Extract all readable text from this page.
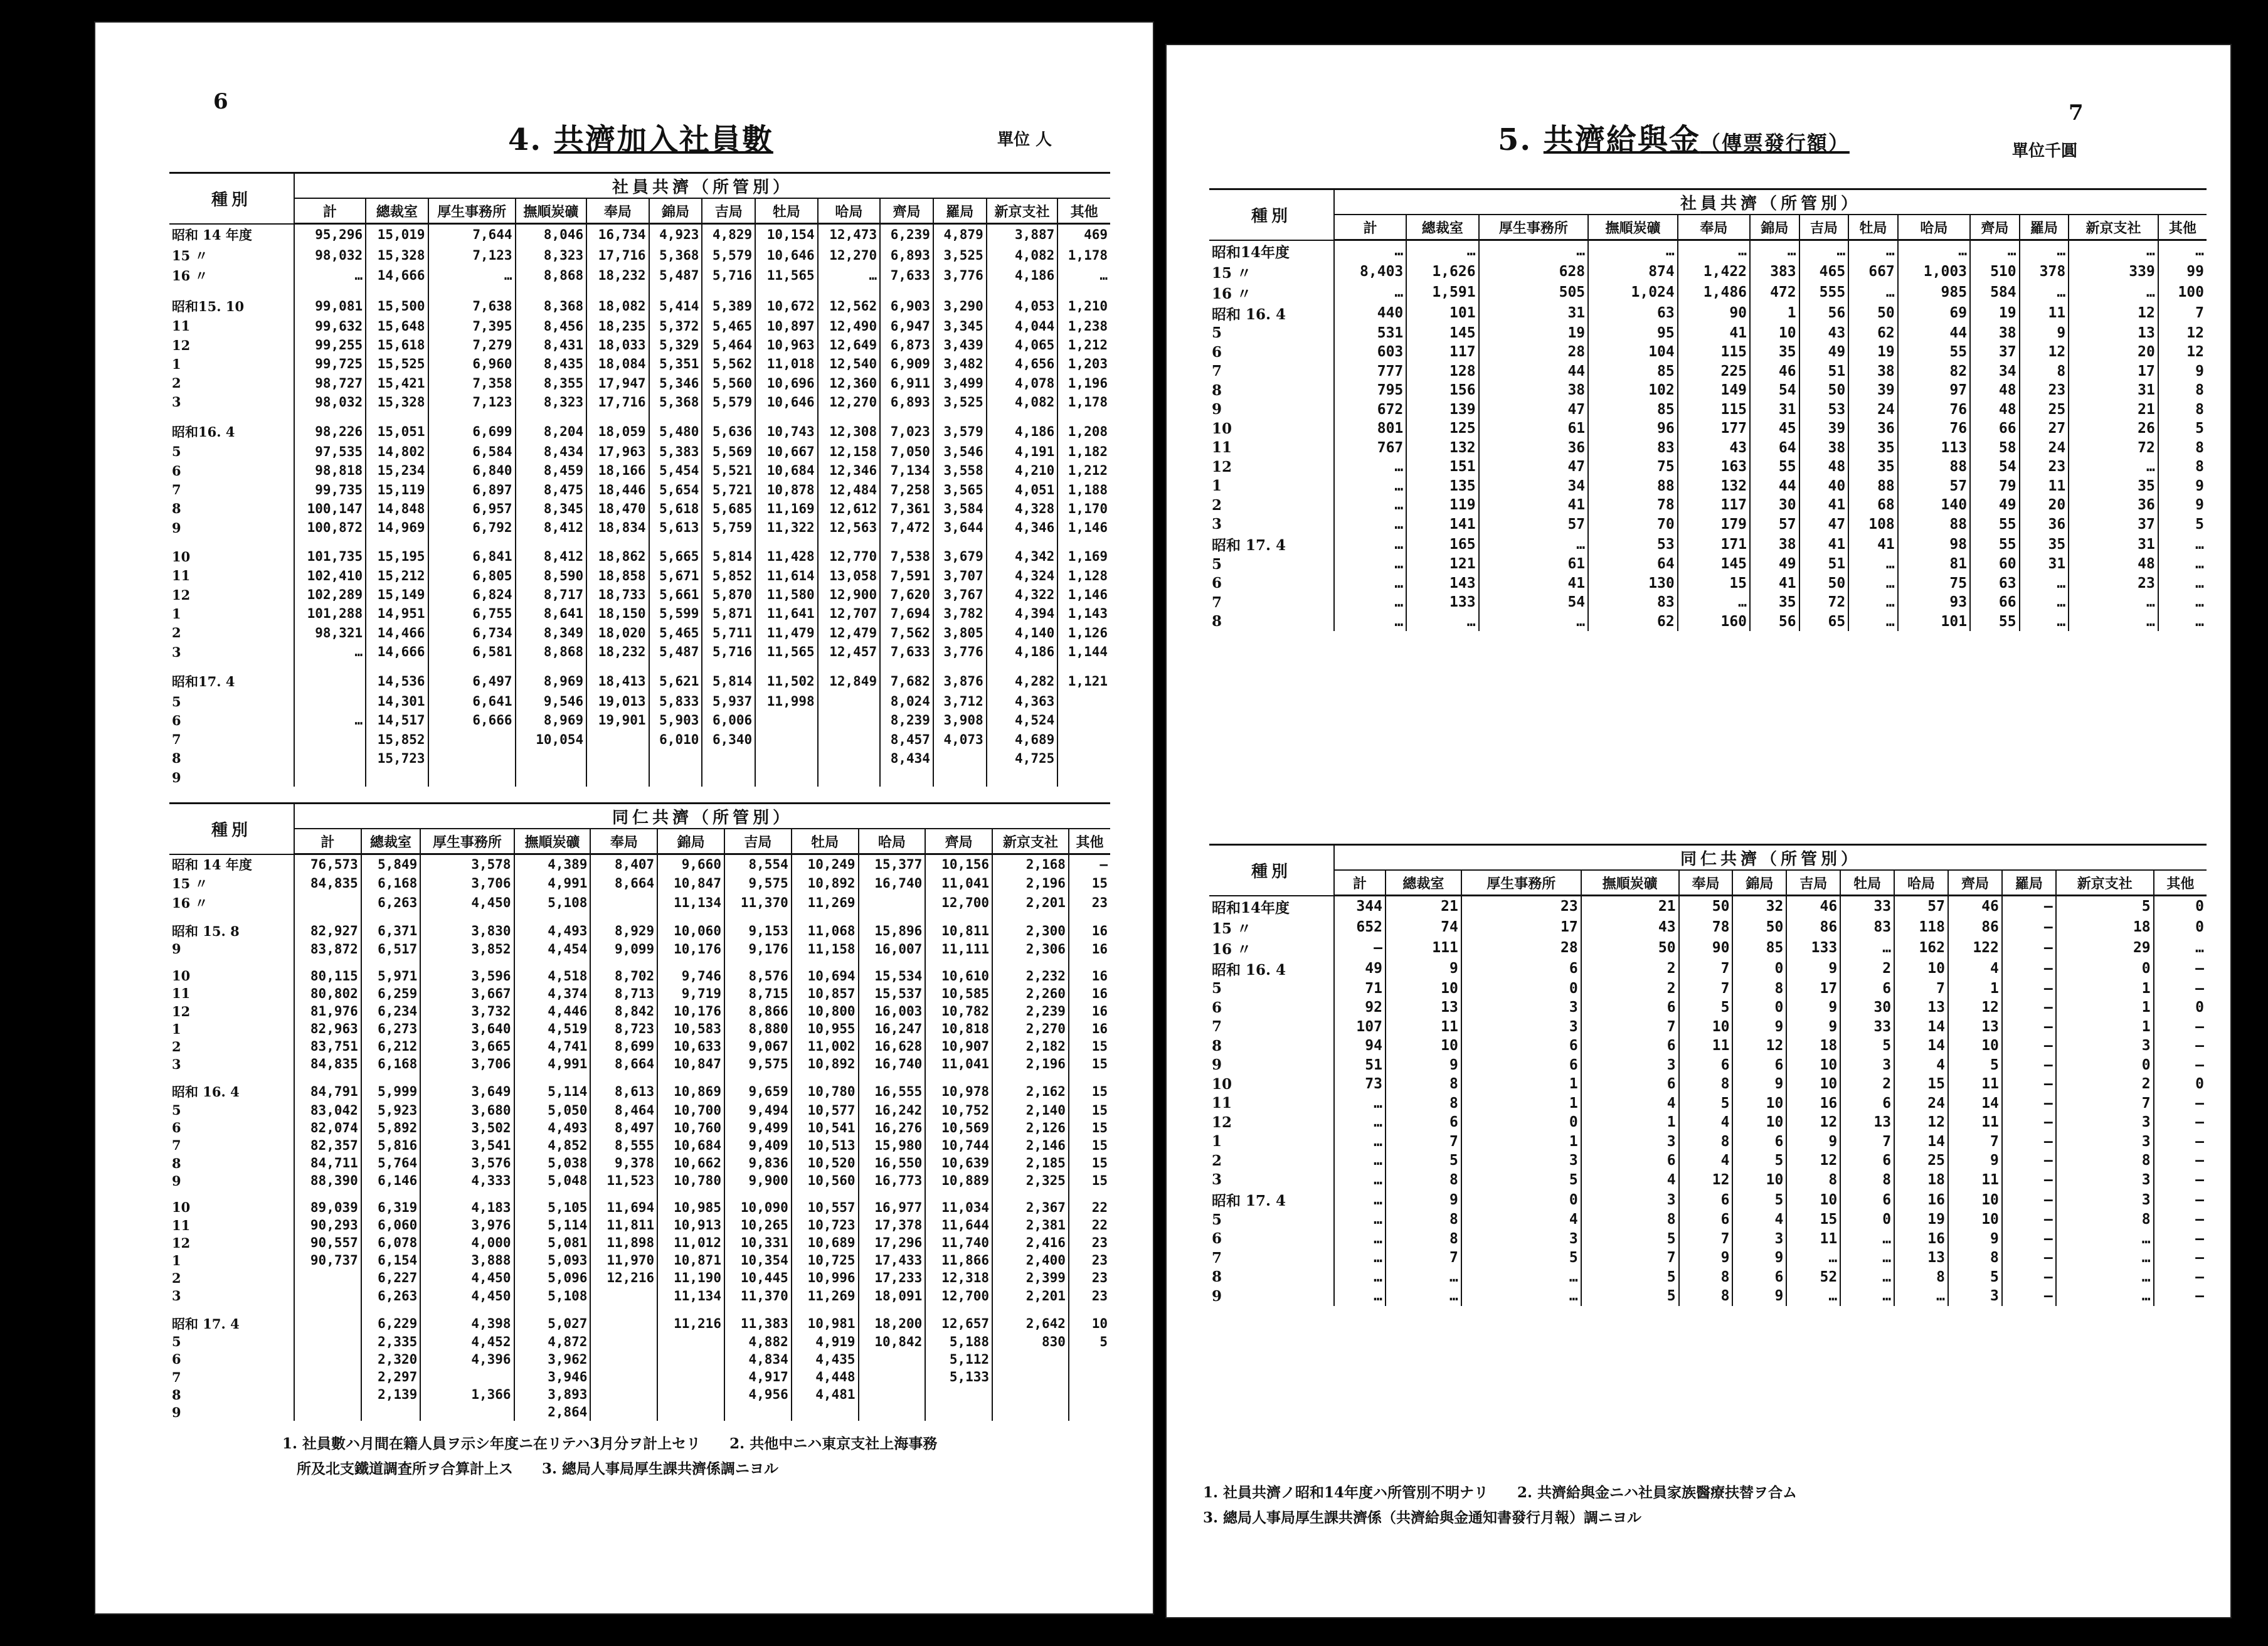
6
4. 共濟加入社員數	單位 人
種別	社員共濟（所管別）												
	計	總裁室	厚生事務所	撫順炭礦	奉局	錦局	吉局	牡局	哈局	齊局	羅局	新京支社	其他
昭和 14 年度	95,296	15,019	7,644	8,046	16,734	4,923	4,829	10,154	12,473	6,239	4,879	3,887	469
15 〃	98,032	15,328	7,123	8,323	17,716	5,368	5,579	10,646	12,270	6,893	3,525	4,082	1,178
16 〃	…	14,666	…	8,868	18,232	5,487	5,716	11,565	…	7,633	3,776	4,186	…

昭和15. 10	99,081	15,500	7,638	8,368	18,082	5,414	5,389	10,672	12,562	6,903	3,290	4,053	1,210
11	99,632	15,648	7,395	8,456	18,235	5,372	5,465	10,897	12,490	6,947	3,345	4,044	1,238
12	99,255	15,618	7,279	8,431	18,033	5,329	5,464	10,963	12,649	6,873	3,439	4,065	1,212
1	99,725	15,525	6,960	8,435	18,084	5,351	5,562	11,018	12,540	6,909	3,482	4,656	1,203
2	98,727	15,421	7,358	8,355	17,947	5,346	5,560	10,696	12,360	6,911	3,499	4,078	1,196
3	98,032	15,328	7,123	8,323	17,716	5,368	5,579	10,646	12,270	6,893	3,525	4,082	1,178

昭和16. 4	98,226	15,051	6,699	8,204	18,059	5,480	5,636	10,743	12,308	7,023	3,579	4,186	1,208
5	97,535	14,802	6,584	8,434	17,963	5,383	5,569	10,667	12,158	7,050	3,546	4,191	1,182
6	98,818	15,234	6,840	8,459	18,166	5,454	5,521	10,684	12,346	7,134	3,558	4,210	1,212
7	99,735	15,119	6,897	8,475	18,446	5,654	5,721	10,878	12,484	7,258	3,565	4,051	1,188
8	100,147	14,848	6,957	8,345	18,470	5,618	5,685	11,169	12,612	7,361	3,584	4,328	1,170
9	100,872	14,969	6,792	8,412	18,834	5,613	5,759	11,322	12,563	7,472	3,644	4,346	1,146

10	101,735	15,195	6,841	8,412	18,862	5,665	5,814	11,428	12,770	7,538	3,679	4,342	1,169
11	102,410	15,212	6,805	8,590	18,858	5,671	5,852	11,614	13,058	7,591	3,707	4,324	1,128
12	102,289	15,149	6,824	8,717	18,733	5,661	5,870	11,580	12,900	7,620	3,767	4,322	1,146
1	101,288	14,951	6,755	8,641	18,150	5,599	5,871	11,641	12,707	7,694	3,782	4,394	1,143
2	98,321	14,466	6,734	8,349	18,020	5,465	5,711	11,479	12,479	7,562	3,805	4,140	1,126
3	…	14,666	6,581	8,868	18,232	5,487	5,716	11,565	12,457	7,633	3,776	4,186	1,144

昭和17. 4		14,536	6,497	8,969	18,413	5,621	5,814	11,502	12,849	7,682	3,876	4,282	1,121
5		14,301	6,641	9,546	19,013	5,833	5,937	11,998		8,024	3,712	4,363	
6	…	14,517	6,666	8,969	19,901	5,903	6,006			8,239	3,908	4,524	
7		15,852		10,054		6,010	6,340			8,457	4,073	4,689	
8		15,723								8,434		4,725	
9													
種別	同仁共濟（所管別）											
	計	總裁室	厚生事務所	撫順炭礦	奉局	錦局	吉局	牡局	哈局	齊局	新京支社	其他
昭和 14 年度	76,573	5,849	3,578	4,389	8,407	9,660	8,554	10,249	15,377	10,156	2,168	—
15 〃	84,835	6,168	3,706	4,991	8,664	10,847	9,575	10,892	16,740	11,041	2,196	15
16 〃		6,263	4,450	5,108		11,134	11,370	11,269		12,700	2,201	23

昭和 15. 8	82,927	6,371	3,830	4,493	8,929	10,060	9,153	11,068	15,896	10,811	2,300	16
9	83,872	6,517	3,852	4,454	9,099	10,176	9,176	11,158	16,007	11,111	2,306	16

10	80,115	5,971	3,596	4,518	8,702	9,746	8,576	10,694	15,534	10,610	2,232	16
11	80,802	6,259	3,667	4,374	8,713	9,719	8,715	10,857	15,537	10,585	2,260	16
12	81,976	6,234	3,732	4,446	8,842	10,176	8,866	10,800	16,003	10,782	2,239	16
1	82,963	6,273	3,640	4,519	8,723	10,583	8,880	10,955	16,247	10,818	2,270	16
2	83,751	6,212	3,665	4,741	8,699	10,633	9,067	11,002	16,628	10,907	2,182	15
3	84,835	6,168	3,706	4,991	8,664	10,847	9,575	10,892	16,740	11,041	2,196	15

昭和 16. 4	84,791	5,999	3,649	5,114	8,613	10,869	9,659	10,780	16,555	10,978	2,162	15
5	83,042	5,923	3,680	5,050	8,464	10,700	9,494	10,577	16,242	10,752	2,140	15
6	82,074	5,892	3,502	4,493	8,497	10,760	9,499	10,541	16,276	10,569	2,126	15
7	82,357	5,816	3,541	4,852	8,555	10,684	9,409	10,513	15,980	10,744	2,146	15
8	84,711	5,764	3,576	5,038	9,378	10,662	9,836	10,520	16,550	10,639	2,185	15
9	88,390	6,146	4,333	5,048	11,523	10,780	9,900	10,560	16,773	10,889	2,325	15

10	89,039	6,319	4,183	5,105	11,694	10,985	10,090	10,557	16,977	11,034	2,367	22
11	90,293	6,060	3,976	5,114	11,811	10,913	10,265	10,723	17,378	11,644	2,381	22
12	90,557	6,078	4,000	5,081	11,898	11,012	10,331	10,689	17,296	11,740	2,416	23
1	90,737	6,154	3,888	5,093	11,970	10,871	10,354	10,725	17,433	11,866	2,400	23
2		6,227	4,450	5,096	12,216	11,190	10,445	10,996	17,233	12,318	2,399	23
3		6,263	4,450	5,108		11,134	11,370	11,269	18,091	12,700	2,201	23

昭和 17. 4		6,229	4,398	5,027		11,216	11,383	10,981	18,200	12,657	2,642	10
5		2,335	4,452	4,872			4,882	4,919	10,842	5,188	830	5
6		2,320	4,396	3,962			4,834	4,435		5,112		
7		2,297		3,946			4,917	4,448		5,133		
8		2,139	1,366	3,893			4,956	4,481				
9				2,864								
1. 社員數ハ月間在籍人員ヲ示シ年度ニ在リテハ3月分ヲ計上セリ　　2. 共他中ニハ東京支社上海事務
　所及北支鐵道調査所ヲ合算計上ス　　3. 總局人事局厚生課共濟係調ニヨル
7
5. 共濟給與金（傳票發行額）	單位千圓
種別	社員共濟（所管別）												
	計	總裁室	厚生事務所	撫順炭礦	奉局	錦局	吉局	牡局	哈局	齊局	羅局	新京支社	其他
昭和14年度	…	…	…	…	…	…	…	…	…	…	…	…	…
15 〃	8,403	1,626	628	874	1,422	383	465	667	1,003	510	378	339	99
16 〃	…	1,591	505	1,024	1,486	472	555	…	985	584	…	…	100
昭和 16. 4	440	101	31	63	90	1	56	50	69	19	11	12	7
5	531	145	19	95	41	10	43	62	44	38	9	13	12
6	603	117	28	104	115	35	49	19	55	37	12	20	12
7	777	128	44	85	225	46	51	38	82	34	8	17	9
8	795	156	38	102	149	54	50	39	97	48	23	31	8
9	672	139	47	85	115	31	53	24	76	48	25	21	8
10	801	125	61	96	177	45	39	36	76	66	27	26	5
11	767	132	36	83	43	64	38	35	113	58	24	72	8
12	…	151	47	75	163	55	48	35	88	54	23	…	8
1	…	135	34	88	132	44	40	88	57	79	11	35	9
2	…	119	41	78	117	30	41	68	140	49	20	36	9
3	…	141	57	70	179	57	47	108	88	55	36	37	5
昭和 17. 4	…	165	…	53	171	38	41	41	98	55	35	31	…
5	…	121	61	64	145	49	51	…	81	60	31	48	…
6	…	143	41	130	15	41	50	…	75	63	…	23	…
7	…	133	54	83	…	35	72	…	93	66	…	…	…
8	…	…	…	62	160	56	65	…	101	55	…	…	…
種別	同仁共濟（所管別）												
	計	總裁室	厚生事務所	撫順炭礦	奉局	錦局	吉局	牡局	哈局	齊局	羅局	新京支社	其他
昭和14年度	344	21	23	21	50	32	46	33	57	46	—	5	0
15 〃	652	74	17	43	78	50	86	83	118	86	—	18	0
16 〃	—	111	28	50	90	85	133	…	162	122	—	29	…
昭和 16. 4	49	9	6	2	7	0	9	2	10	4	—	0	—
5	71	10	0	2	7	8	17	6	7	1	—	1	—
6	92	13	3	6	5	0	9	30	13	12	—	1	0
7	107	11	3	7	10	9	9	33	14	13	—	1	—
8	94	10	6	6	11	12	18	5	14	10	—	3	—
9	51	9	6	3	6	6	10	3	4	5	—	0	—
10	73	8	1	6	8	9	10	2	15	11	—	2	0
11	…	8	1	4	5	10	16	6	24	14	—	7	—
12	…	6	0	1	4	10	12	13	12	11	—	3	—
1	…	7	1	3	8	6	9	7	14	7	—	3	—
2	…	5	3	6	4	5	12	6	25	9	—	8	—
3	…	8	5	4	12	10	8	8	18	11	—	3	—
昭和 17. 4	…	9	0	3	6	5	10	6	16	10	—	3	—
5	…	8	4	8	6	4	15	0	19	10	—	8	—
6	…	8	3	5	7	3	11	…	16	9	—	…	—
7	…	7	5	7	9	9	…	…	13	8	—	…	—
8	…	…	…	5	8	6	52	…	8	5	—	…	—
9	…	…	…	5	8	9	…	…	…	3	—	…	—
1. 社員共濟ノ昭和14年度ハ所管別不明ナリ　　2. 共濟給與金ニハ社員家族醫療扶替ヲ合ム
3. 總局人事局厚生課共濟係（共濟給與金通知書發行月報）調ニヨル
